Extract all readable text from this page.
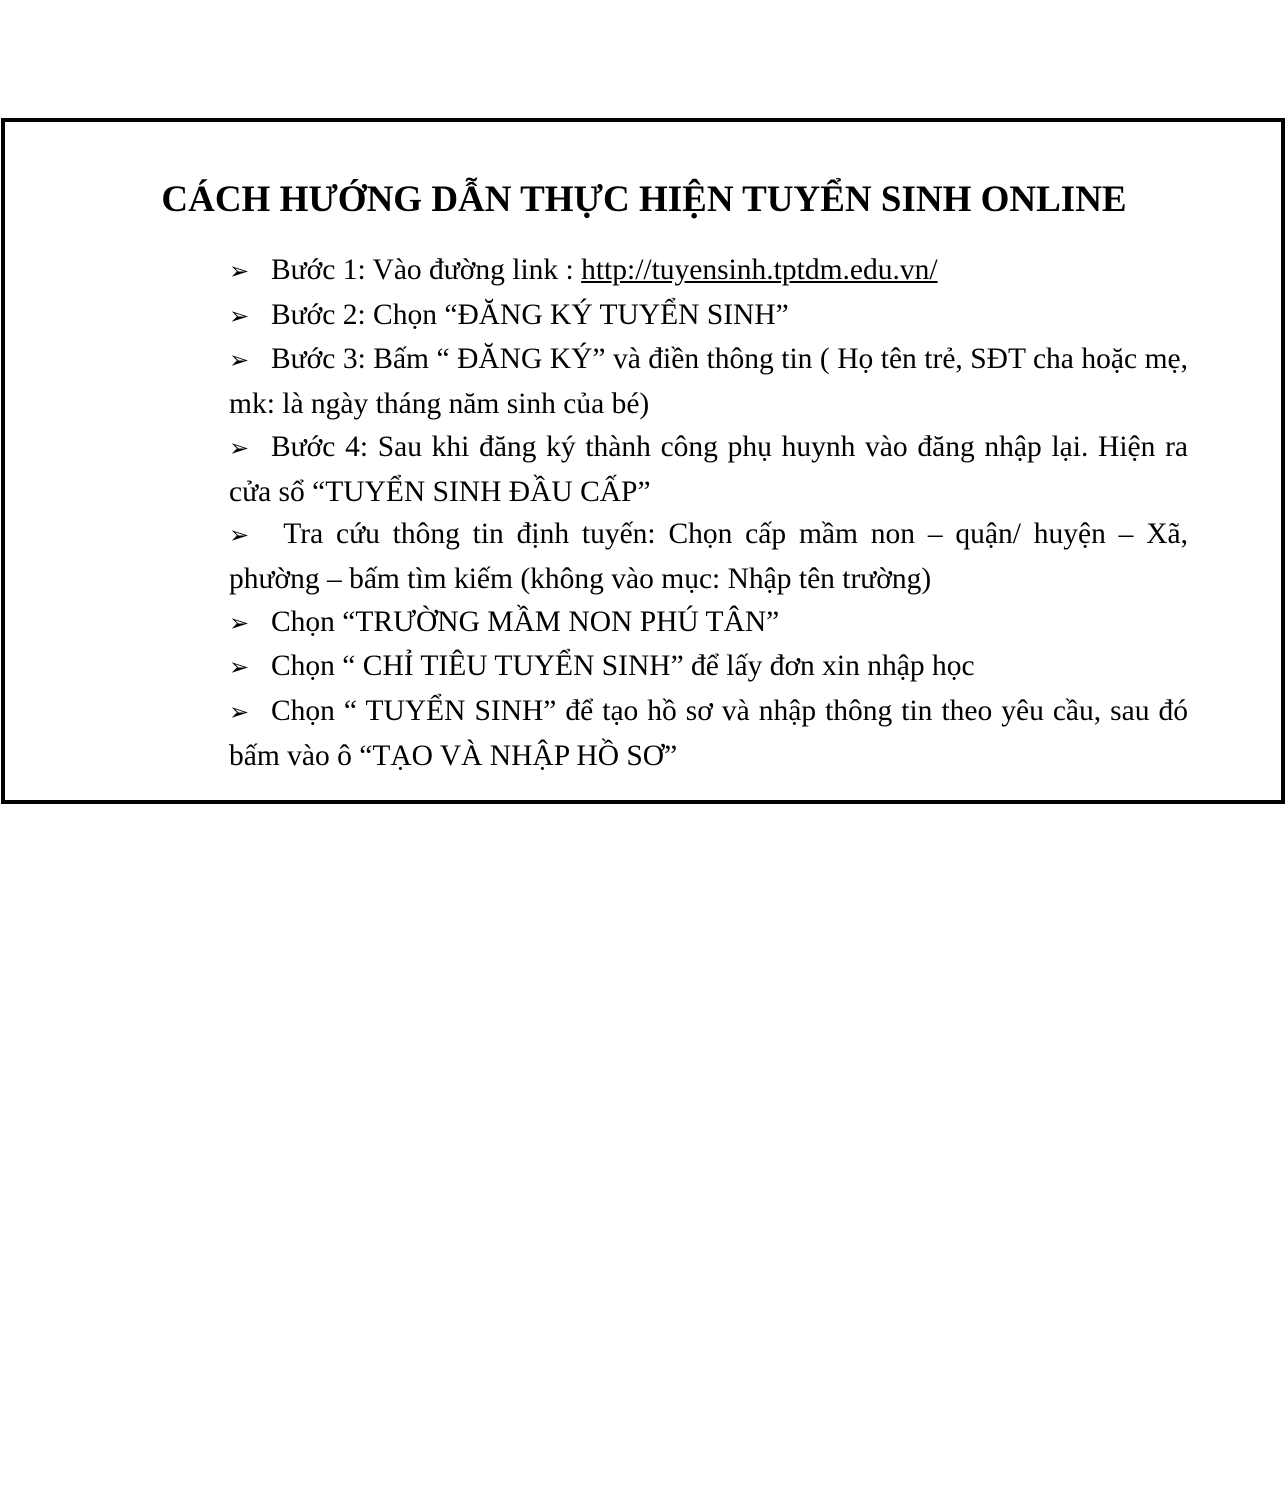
CÁCH HƯỚNG DẪN THỰC HIỆN TUYỂN SINH ONLINE
➢ Bước 1: Vào đường link : http://tuyensinh.tptdm.edu.vn/
➢ Bước 2: Chọn “ĐĂNG KÝ TUYỂN SINH”
➢ Bước 3: Bấm “ ĐĂNG KÝ” và điền thông tin ( Họ tên trẻ, SĐT cha hoặc mẹ, mk: là ngày tháng năm sinh của bé)
➢ Bước 4: Sau khi đăng ký thành công phụ huynh vào đăng nhập lại. Hiện ra cửa sổ “TUYỂN SINH ĐẦU CẤP”
➢ Tra cứu thông tin định tuyến: Chọn cấp mầm non – quận/ huyện – Xã, phường – bấm tìm kiếm (không vào mục: Nhập tên trường)
➢ Chọn “TRƯỜNG MẦM NON PHÚ TÂN”
➢ Chọn “ CHỈ TIÊU TUYỂN SINH” để lấy đơn xin nhập học
➢ Chọn “ TUYỂN SINH” để tạo hồ sơ và nhập thông tin theo yêu cầu, sau đó bấm vào ô “TẠO VÀ NHẬP HỒ SƠ”
